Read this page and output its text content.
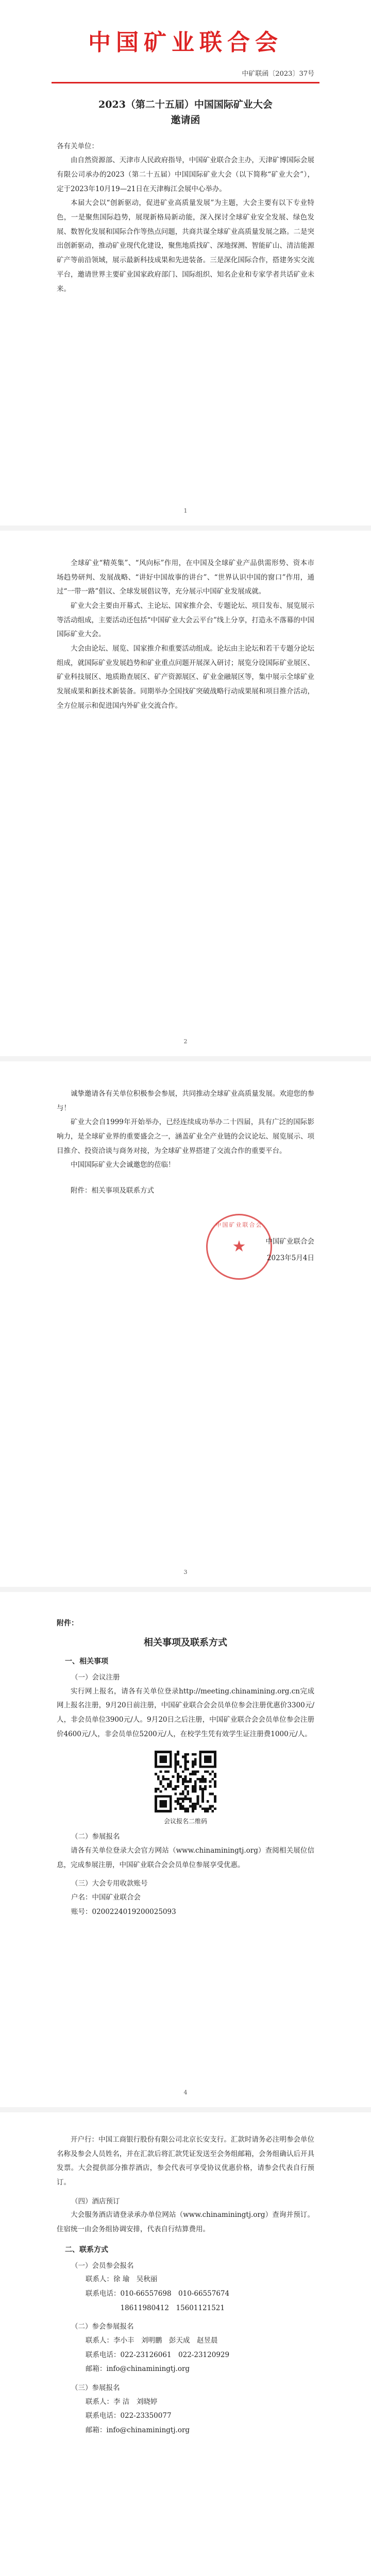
中国矿业联合会
中矿联函〔2023〕37号
2023（第二十五届）中国国际矿业大会
邀请函
各有关单位：

由自然资源部、天津市人民政府指导，中国矿业联合会主办，天津矿博国际会展有限公司承办的2023（第二十五届）中国国际矿业大会（以下简称“矿业大会”），定于2023年10月19—21日在天津梅江会展中心举办。

本届大会以“创新驱动，促进矿业高质量发展”为主题，大会主要有以下专业特色，一是聚焦国际趋势，展现新格局新动能，深入探讨全球矿业安全发展、绿色发展、数智化发展和国际合作等热点问题，共商共谋全球矿业高质量发展之路。二是突出创新驱动，推动矿业现代化建设，聚焦地质找矿、深地探测、智能矿山、清洁能源矿产等前沿领域，展示最新科技成果和先进装备。三是深化国际合作，搭建务实交流平台，邀请世界主要矿业国家政府部门、国际组织、知名企业和专家学者共话矿业未来。

1

全球矿业“精英集”、“风向标”作用，在中国及全球矿业产品供需形势、资本市场趋势研判、发展战略、“讲好中国故事的讲台”、“世界认识中国的窗口”作用，通过“一带一路”倡议、全球发展倡议等，充分展示中国矿业发展成就。

矿业大会主要由开幕式、主论坛、国家推介会、专题论坛、项目发布、展览展示等活动组成，主要活动还包括“中国矿业大会云平台”线上分享，打造永不落幕的中国国际矿业大会。

大会由论坛、展览、国家推介和重要活动组成。论坛由主论坛和若干专题分论坛组成，就国际矿业发展趋势和矿业重点问题开展深入研讨；展览分设国际矿业展区、矿业科技展区、地质勘查展区、矿产资源展区、矿业金融展区等，集中展示全球矿业发展成果和新技术新装备。同期举办全国找矿突破战略行动成果展和项目推介活动，全方位展示和促进国内外矿业交流合作。

2

诚挚邀请各有关单位积极参会参展，共同推动全球矿业高质量发展。欢迎您的参与！

矿业大会自1999年开始举办，已经连续成功举办二十四届，具有广泛的国际影响力，是全球矿业界的重要盛会之一，涵盖矿业全产业链的会议论坛、展览展示、项目推介、投资洽谈与商务对接，为全球矿业界搭建了交流合作的重要平台。

中国国际矿业大会诚邀您的莅临！

附件：相关事项及联系方式

中国矿业联合会
★	中国矿业联合会
2023年5月4日
3
附件：
相关事项及联系方式
一、相关事项
（一）会议注册

实行网上报名，请各有关单位登录http://meeting.chinamining.org.cn完成网上报名注册，9月20日前注册，中国矿业联合会会员单位参会注册优惠价3300元/人，非会员单位3900元/人。9月20日之后注册，中国矿业联合会会员单位参会注册价4600元/人，非会员单位5200元/人，在校学生凭有效学生证注册费1000元/人。

会议报名二维码
（二）参展报名

请各有关单位登录大会官方网站（www.chinaminingtj.org）查阅相关展位信息，完成参展注册，中国矿业联合会会员单位参展享受优惠。

（三）大会专用收款账号
户名：中国矿业联合会
账号：0200224019200025093
4

开户行：中国工商银行股份有限公司北京长安支行。汇款时请务必注明参会单位名称及参会人员姓名，并在汇款后将汇款凭证发送至会务组邮箱，会务组确认后开具发票。大会提供部分推荐酒店，参会代表可享受协议优惠价格，请参会代表自行预订。

（四）酒店预订

大会服务酒店请登录承办单位网站（www.chinaminingtj.org）查询并预订。住宿统一由会务组协调安排，代表自行结算费用。

二、联系方式
（一）会员参会报名
联系人：徐 瑜　吴秋丽
联系电话：010-66557698　010-66557674
　　　　　18611980412　15601121521
（二）参会参展报名
联系人：李小丰　刘明鹏　彭天成　赵昱晨
联系电话：022-23126061　022-23120929
邮箱：info@chinaminingtj.org
（三）参展报名
联系人：李 洁　刘晓婷
联系电话：022-23350077
邮箱：info@chinaminingtj.org
